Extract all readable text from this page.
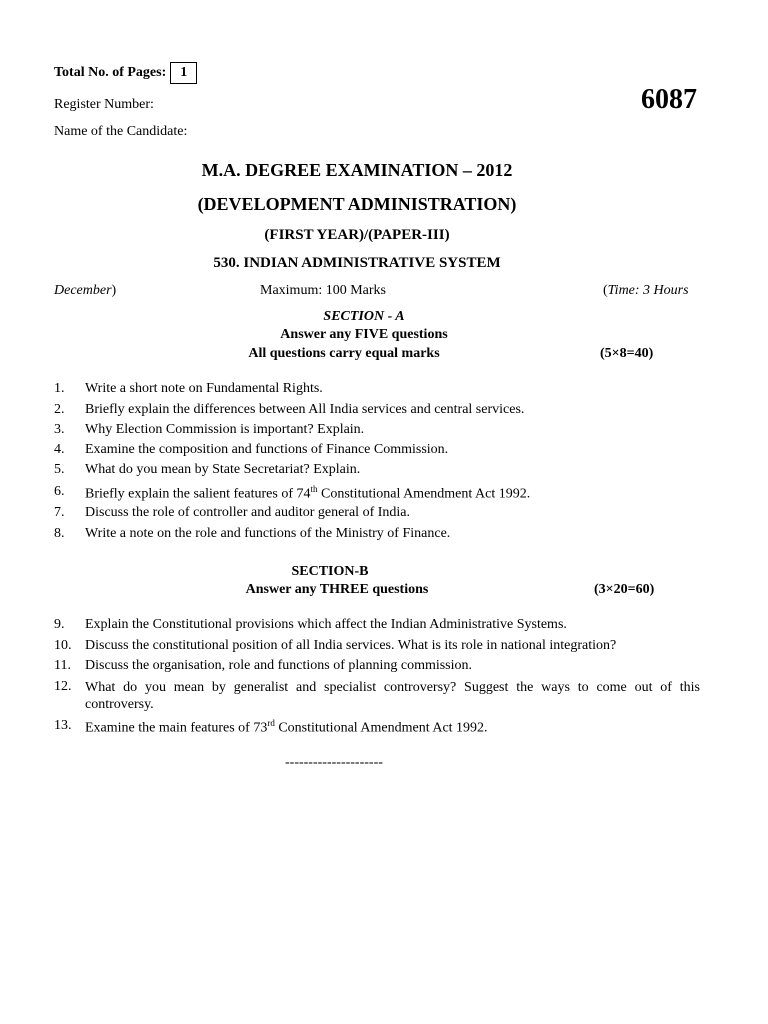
Total No. of Pages: 1
6087
Register Number:
Name of the Candidate:
M.A. DEGREE EXAMINATION – 2012
(DEVELOPMENT ADMINISTRATION)
(FIRST YEAR)/(PAPER-III)
530. INDIAN ADMINISTRATIVE SYSTEM
December)	Maximum: 100 Marks	(Time: 3 Hours
SECTION - A
Answer any FIVE questions
All questions carry equal marks	(5×8=40)
1. Write a short note on Fundamental Rights.
2. Briefly explain the differences between All India services and central services.
3. Why Election Commission is important? Explain.
4. Examine the composition and functions of Finance Commission.
5. What do you mean by State Secretariat? Explain.
6. Briefly explain the salient features of 74th Constitutional Amendment Act 1992.
7. Discuss the role of controller and auditor general of India.
8. Write a note on the role and functions of the Ministry of Finance.
SECTION-B
Answer any THREE questions	(3×20=60)
9. Explain the Constitutional provisions which affect the Indian Administrative Systems.
10. Discuss the constitutional position of all India services. What is its role in national integration?
11. Discuss the organisation, role and functions of planning commission.
12. What do you mean by generalist and specialist controversy? Suggest the ways to come out of this controversy.
13. Examine the main features of 73rd Constitutional Amendment Act 1992.
---------------------
